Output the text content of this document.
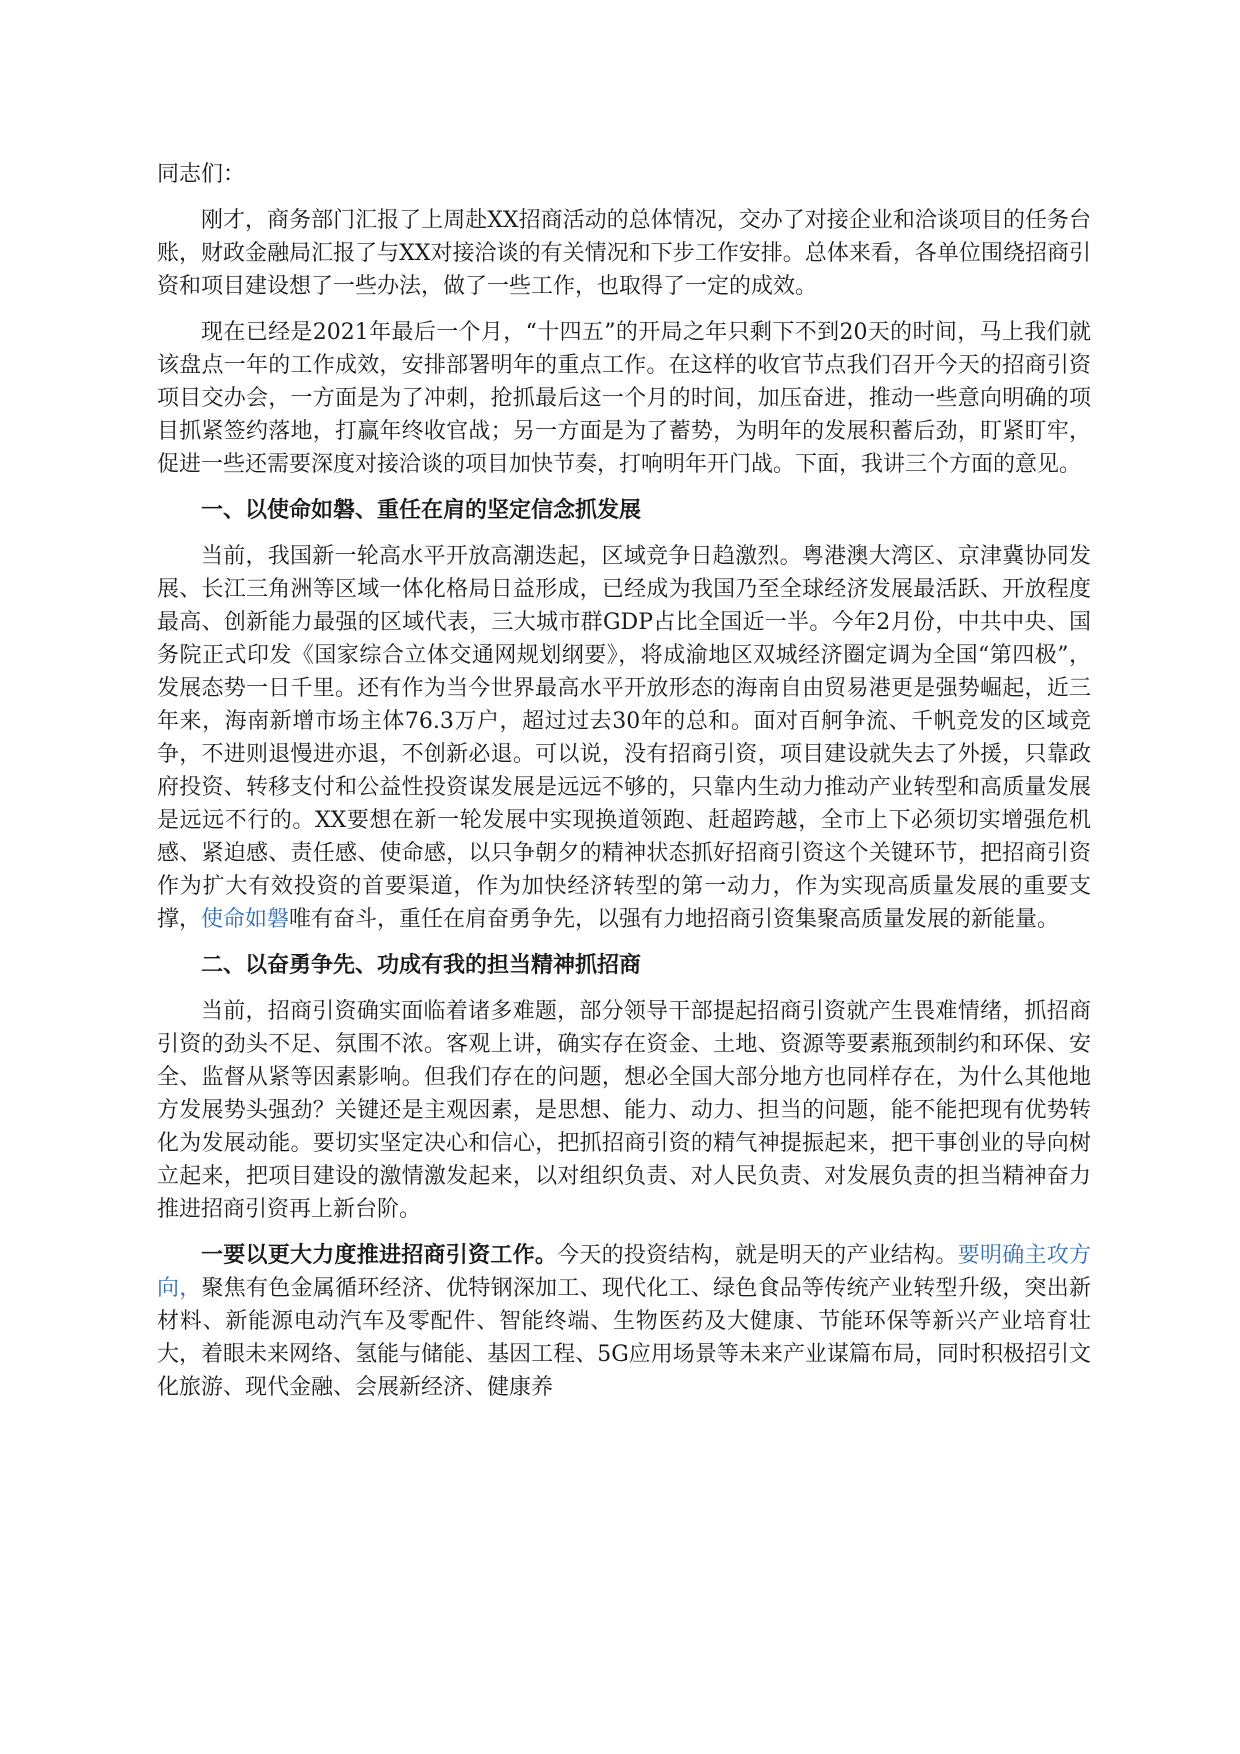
同志们：

刚才，商务部门汇报了上周赴XX招商活动的总体情况，交办了对接企业和洽谈项目的任务台账，财政金融局汇报了与XX对接洽谈的有关情况和下步工作安排。总体来看，各单位围绕招商引资和项目建设想了一些办法，做了一些工作，也取得了一定的成效。

现在已经是2021年最后一个月，“十四五”的开局之年只剩下不到20天的时间，马上我们就该盘点一年的工作成效，安排部署明年的重点工作。在这样的收官节点我们召开今天的招商引资项目交办会，一方面是为了冲刺，抢抓最后这一个月的时间，加压奋进，推动一些意向明确的项目抓紧签约落地，打赢年终收官战；另一方面是为了蓄势，为明年的发展积蓄后劲，盯紧盯牢，促进一些还需要深度对接洽谈的项目加快节奏，打响明年开门战。下面，我讲三个方面的意见。

一、以使命如磐、重任在肩的坚定信念抓发展

当前，我国新一轮高水平开放高潮迭起，区域竞争日趋激烈。粤港澳大湾区、京津冀协同发展、长江三角洲等区域一体化格局日益形成，已经成为我国乃至全球经济发展最活跃、开放程度最高、创新能力最强的区域代表，三大城市群GDP占比全国近一半。今年2月份，中共中央、国务院正式印发《国家综合立体交通网规划纲要》，将成渝地区双城经济圈定调为全国“第四极”，发展态势一日千里。还有作为当今世界最高水平开放形态的海南自由贸易港更是强势崛起，近三年来，海南新增市场主体76.3万户，超过过去30年的总和。面对百舸争流、千帆竞发的区域竞争，不进则退慢进亦退，不创新必退。可以说，没有招商引资，项目建设就失去了外援，只靠政府投资、转移支付和公益性投资谋发展是远远不够的，只靠内生动力推动产业转型和高质量发展是远远不行的。XX要想在新一轮发展中实现换道领跑、赶超跨越，全市上下必须切实增强危机感、紧迫感、责任感、使命感，以只争朝夕的精神状态抓好招商引资这个关键环节，把招商引资作为扩大有效投资的首要渠道，作为加快经济转型的第一动力，作为实现高质量发展的重要支撑，使命如磐唯有奋斗，重任在肩奋勇争先，以强有力地招商引资集聚高质量发展的新能量。

二、以奋勇争先、功成有我的担当精神抓招商

当前，招商引资确实面临着诸多难题，部分领导干部提起招商引资就产生畏难情绪，抓招商引资的劲头不足、氛围不浓。客观上讲，确实存在资金、土地、资源等要素瓶颈制约和环保、安全、监督从紧等因素影响。但我们存在的问题，想必全国大部分地方也同样存在，为什么其他地方发展势头强劲？关键还是主观因素，是思想、能力、动力、担当的问题，能不能把现有优势转化为发展动能。要切实坚定决心和信心，把抓招商引资的精气神提振起来，把干事创业的导向树立起来，把项目建设的激情激发起来，以对组织负责、对人民负责、对发展负责的担当精神奋力推进招商引资再上新台阶。

一要以更大力度推进招商引资工作。今天的投资结构，就是明天的产业结构。要明确主攻方向，聚焦有色金属循环经济、优特钢深加工、现代化工、绿色食品等传统产业转型升级，突出新材料、新能源电动汽车及零配件、智能终端、生物医药及大健康、节能环保等新兴产业培育壮大，着眼未来网络、氢能与储能、基因工程、5G应用场景等未来产业谋篇布局，同时积极招引文化旅游、现代金融、会展新经济、健康养
